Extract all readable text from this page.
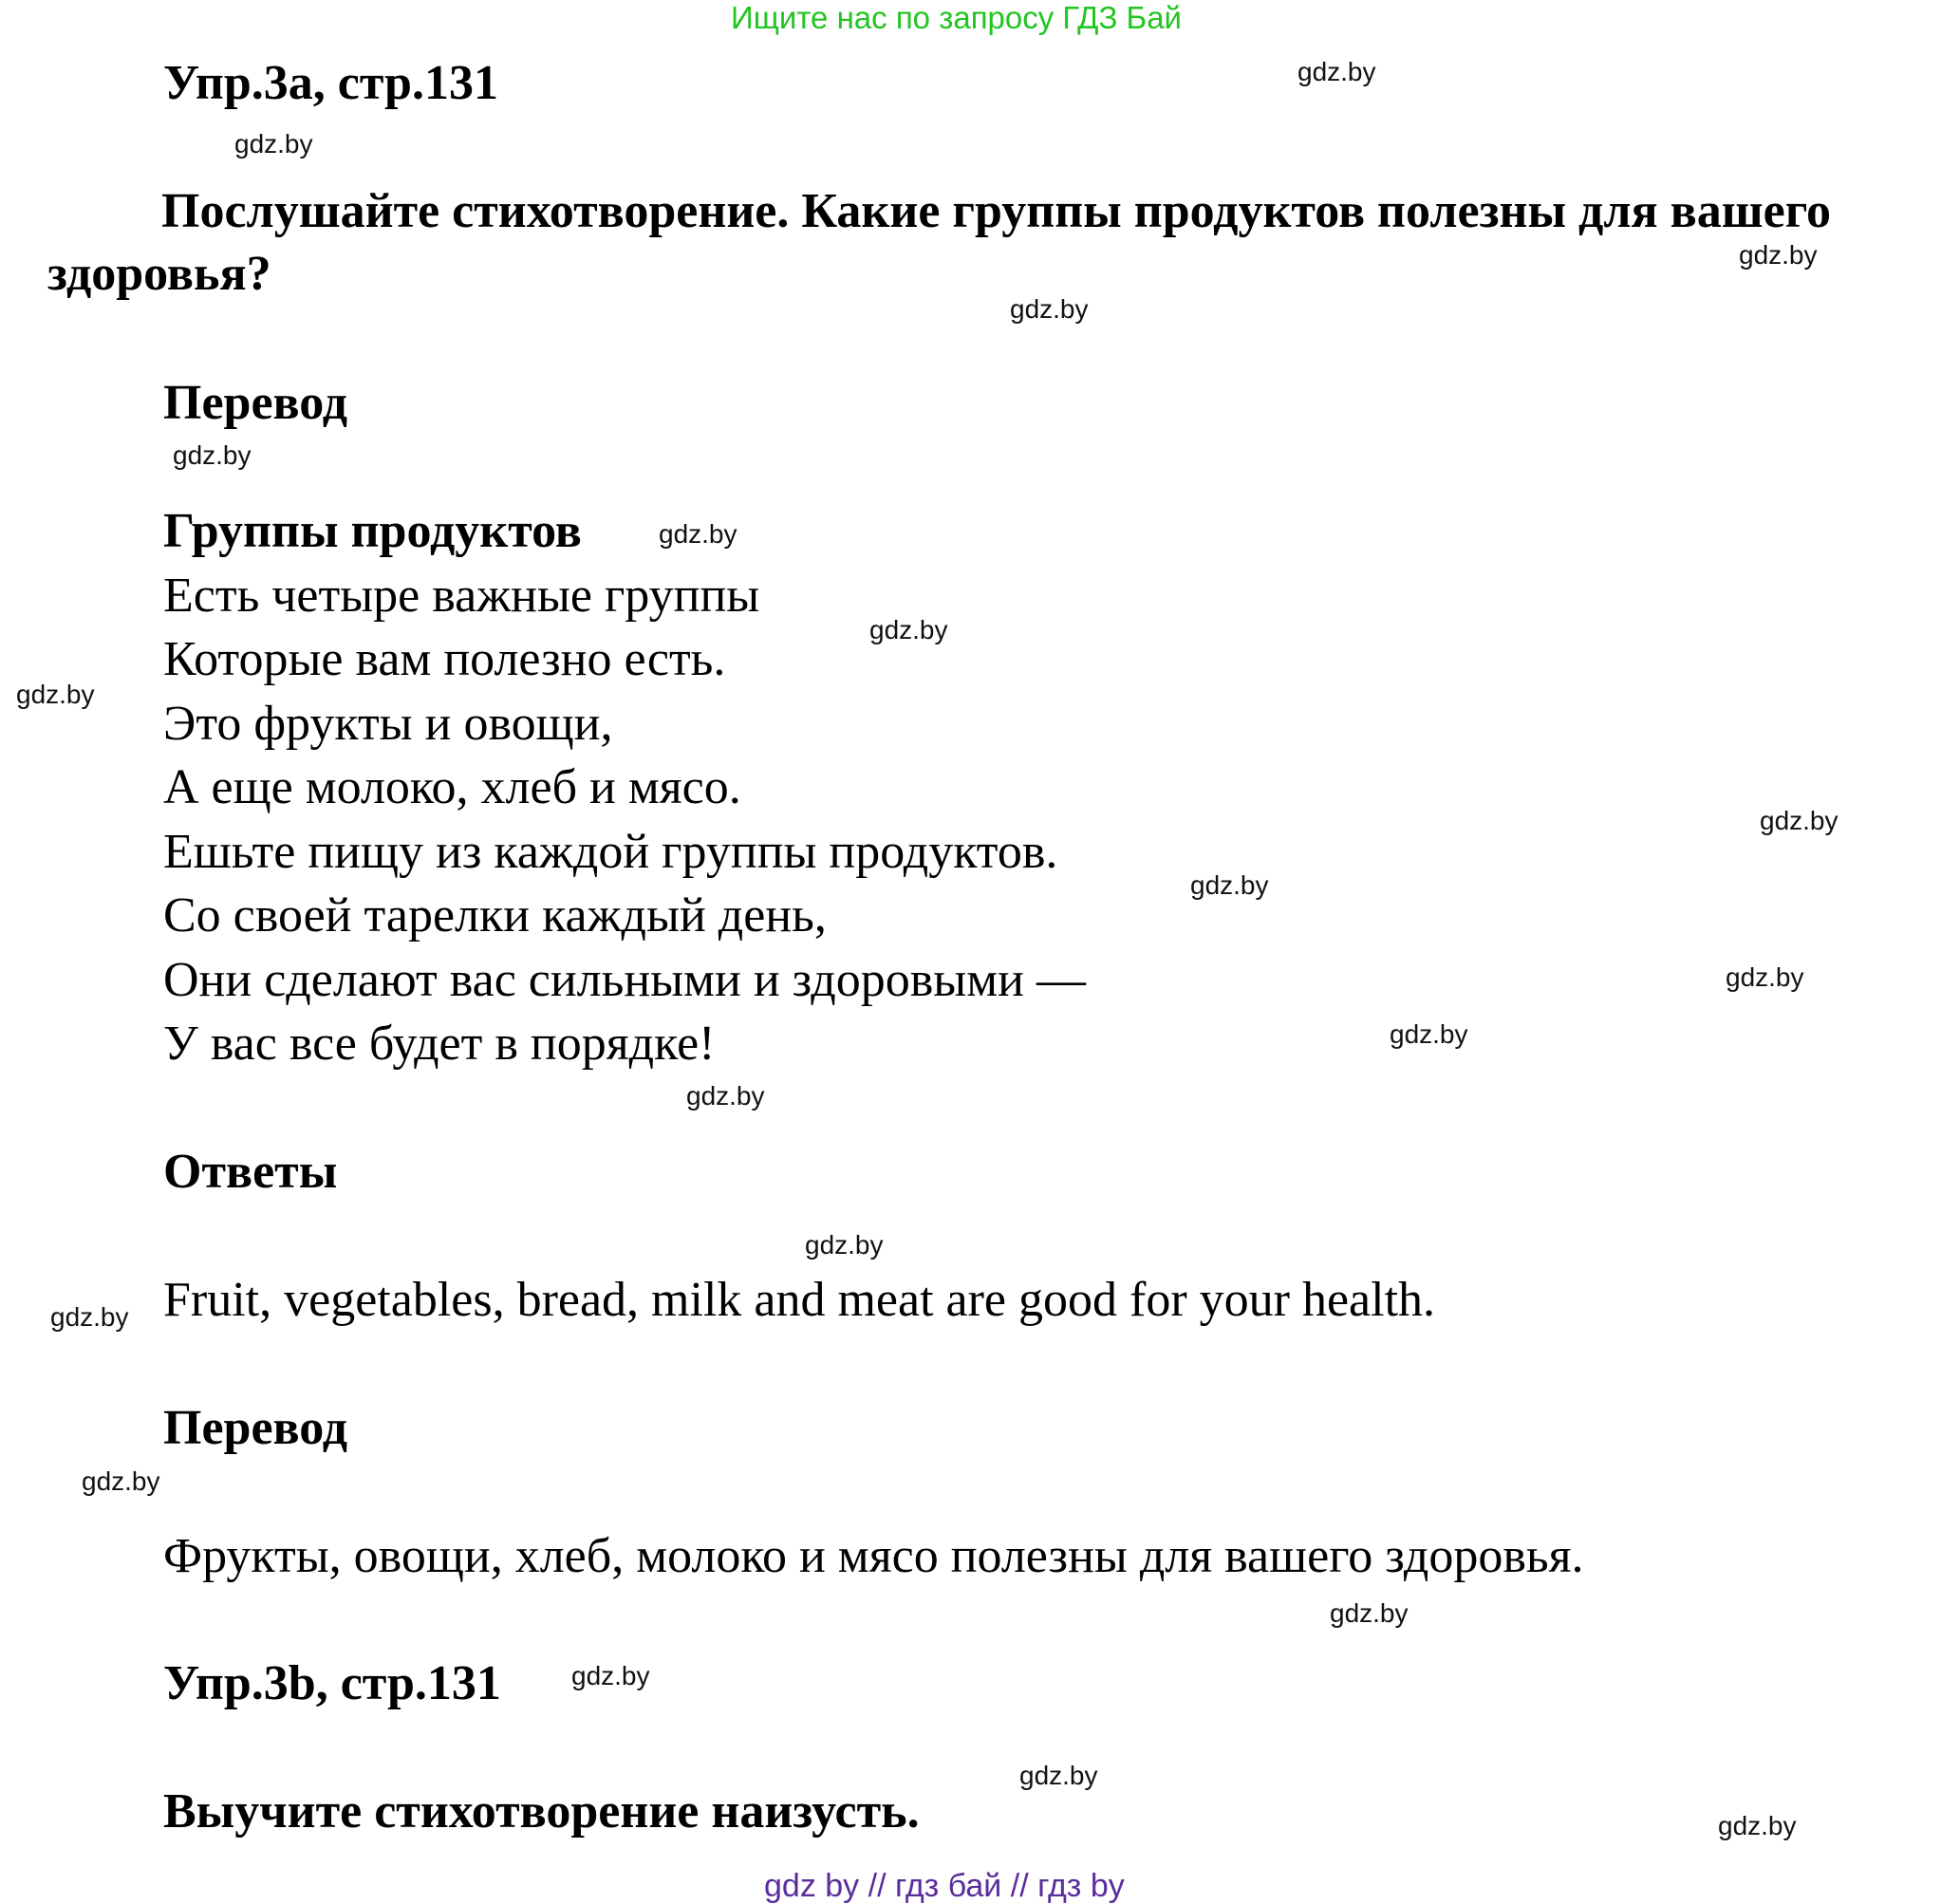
Ищите нас по запросу ГДЗ Бай
Упр.3a, стр.131
Послушайте стихотворение. Какие группы продуктов полезны для вашего здоровья?
Перевод
Группы продуктов
Есть четыре важные группы
Которые вам полезно есть.
Это фрукты и овощи,
А еще молоко, хлеб и мясо.
Ешьте пищу из каждой группы продуктов.
Со своей тарелки каждый день,
Они сделают вас сильными и здоровыми —
У вас все будет в порядке!
Ответы
Fruit, vegetables, bread, milk and meat are good for your health.
Перевод
Фрукты, овощи, хлеб, молоко и мясо полезны для вашего здоровья.
Упр.3b, стр.131
Выучите стихотворение наизусть.
gdz.by
gdz.by
gdz.by
gdz.by
gdz.by
gdz.by
gdz.by
gdz.by
gdz.by
gdz.by
gdz.by
gdz.by
gdz.by
gdz.by
gdz.by
gdz.by
gdz.by
gdz.by
gdz.by
gdz.by
gdz by // гдз бай // гдз by
